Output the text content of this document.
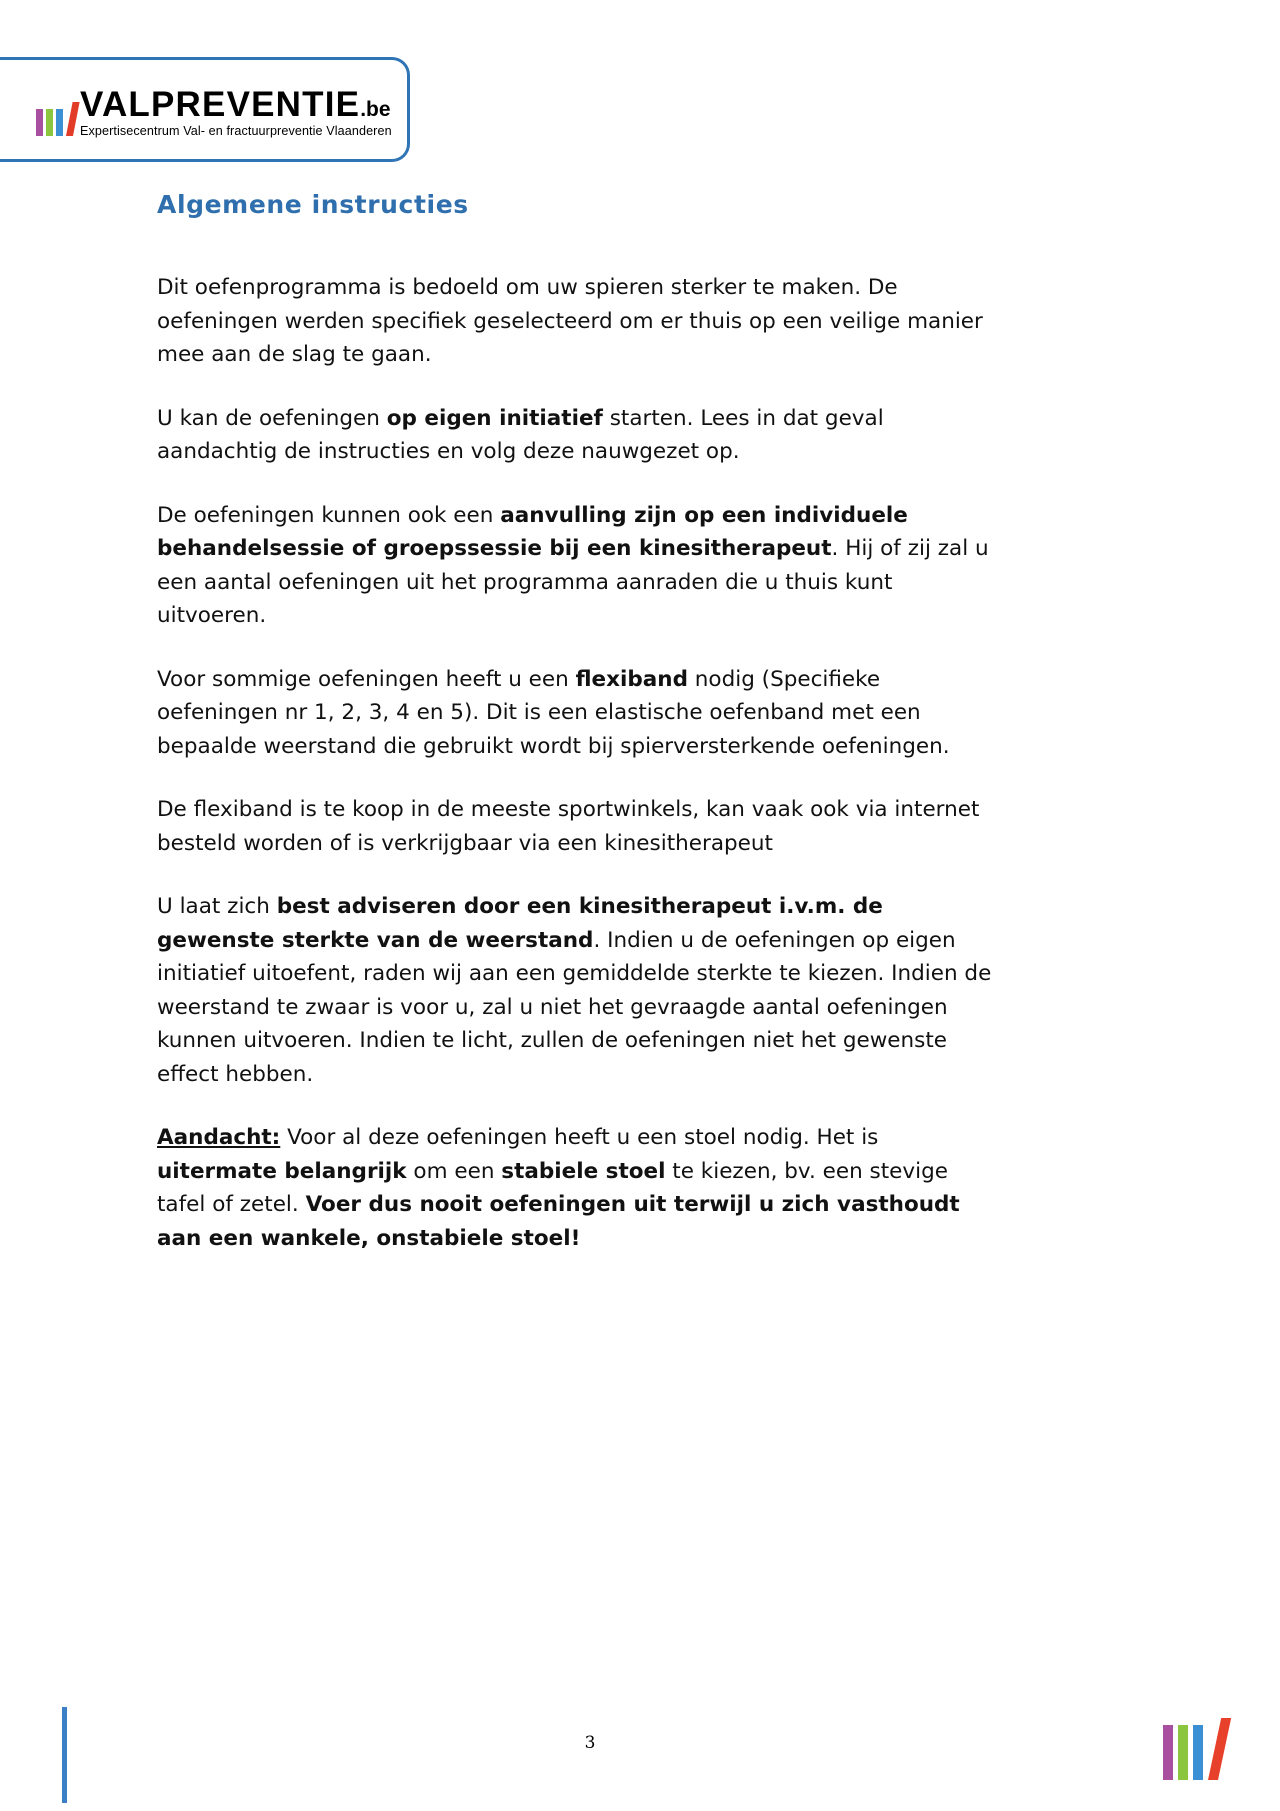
VALPREVENTIE.be
Expertisecentrum Val- en fractuurpreventie Vlaanderen
Algemene instructies

Dit oefenprogramma is bedoeld om uw spieren sterker te maken. De oefeningen werden specifiek geselecteerd om er thuis op een veilige manier mee aan de slag te gaan.

U kan de oefeningen op eigen initiatief starten. Lees in dat geval aandachtig de instructies en volg deze nauwgezet op.

De oefeningen kunnen ook een aanvulling zijn op een individuele behandelsessie of groepssessie bij een kinesitherapeut. Hij of zij zal u een aantal oefeningen uit het programma aanraden die u thuis kunt uitvoeren.

Voor sommige oefeningen heeft u een flexiband nodig (Specifieke oefeningen nr 1, 2, 3, 4 en 5). Dit is een elastische oefenband met een bepaalde weerstand die gebruikt wordt bij spierversterkende oefeningen.

De flexiband is te koop in de meeste sportwinkels, kan vaak ook via internet besteld worden of is verkrijgbaar via een kinesitherapeut

U laat zich best adviseren door een kinesitherapeut i.v.m. de gewenste sterkte van de weerstand. Indien u de oefeningen op eigen initiatief uitoefent, raden wij aan een gemiddelde sterkte te kiezen. Indien de weerstand te zwaar is voor u, zal u niet het gevraagde aantal oefeningen kunnen uitvoeren. Indien te licht, zullen de oefeningen niet het gewenste effect hebben.

Aandacht: Voor al deze oefeningen heeft u een stoel nodig. Het is uitermate belangrijk om een stabiele stoel te kiezen, bv. een stevige tafel of zetel. Voer dus nooit oefeningen uit terwijl u zich vasthoudt aan een wankele, onstabiele stoel!

3
